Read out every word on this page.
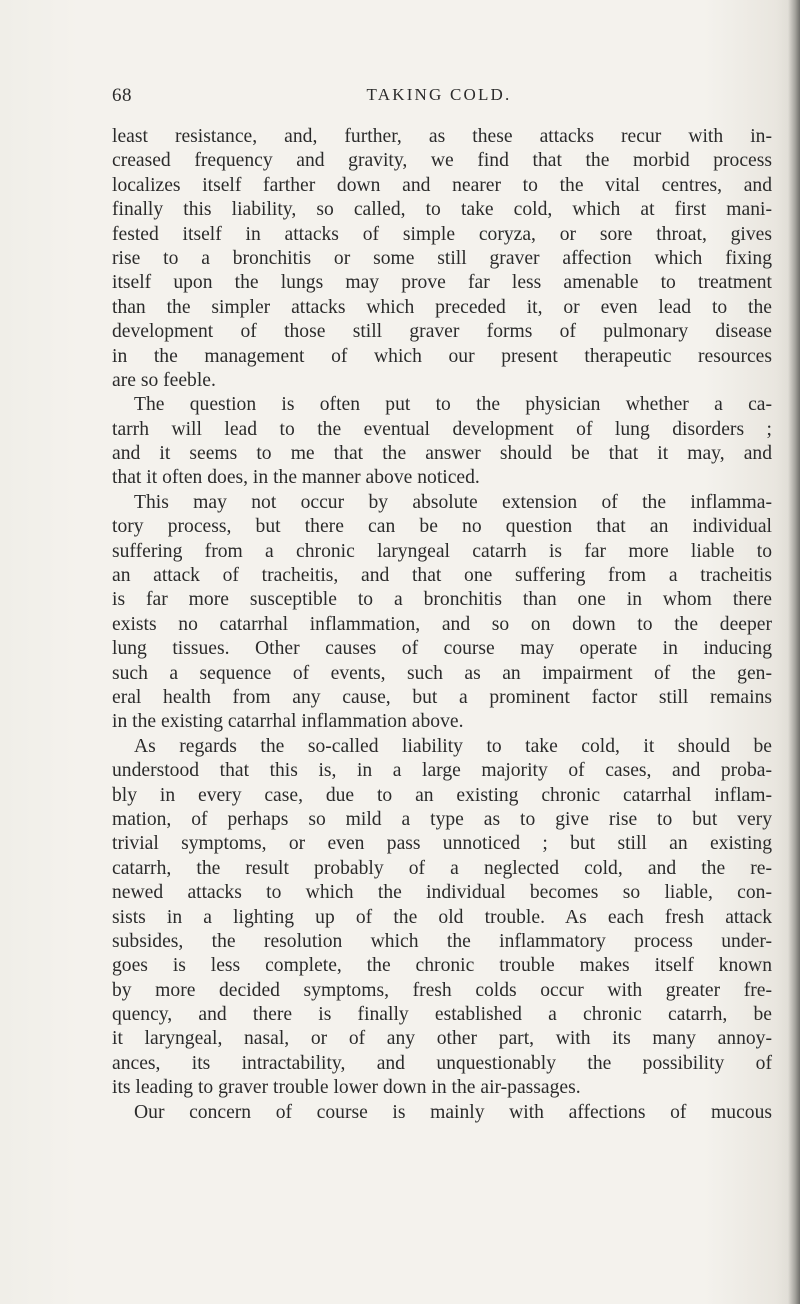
68	TAKING COLD.
least resistance, and, further, as these attacks recur with in-
creased frequency and gravity, we find that the morbid process
localizes itself farther down and nearer to the vital centres, and
finally this liability, so called, to take cold, which at first mani-
fested itself in attacks of simple coryza, or sore throat, gives
rise to a bronchitis or some still graver affection which fixing
itself upon the lungs may prove far less amenable to treatment
than the simpler attacks which preceded it, or even lead to the
development of those still graver forms of pulmonary disease
in the management of which our present therapeutic resources
are so feeble.
The question is often put to the physician whether a ca-
tarrh will lead to the eventual development of lung disorders ;
and it seems to me that the answer should be that it may, and
that it often does, in the manner above noticed.
This may not occur by absolute extension of the inflamma-
tory process, but there can be no question that an individual
suffering from a chronic laryngeal catarrh is far more liable to
an attack of tracheitis, and that one suffering from a tracheitis
is far more susceptible to a bronchitis than one in whom there
exists no catarrhal inflammation, and so on down to the deeper
lung tissues. Other causes of course may operate in inducing
such a sequence of events, such as an impairment of the gen-
eral health from any cause, but a prominent factor still remains
in the existing catarrhal inflammation above.
As regards the so-called liability to take cold, it should be
understood that this is, in a large majority of cases, and proba-
bly in every case, due to an existing chronic catarrhal inflam-
mation, of perhaps so mild a type as to give rise to but very
trivial symptoms, or even pass unnoticed ; but still an existing
catarrh, the result probably of a neglected cold, and the re-
newed attacks to which the individual becomes so liable, con-
sists in a lighting up of the old trouble. As each fresh attack
subsides, the resolution which the inflammatory process under-
goes is less complete, the chronic trouble makes itself known
by more decided symptoms, fresh colds occur with greater fre-
quency, and there is finally established a chronic catarrh, be
it laryngeal, nasal, or of any other part, with its many annoy-
ances, its intractability, and unquestionably the possibility of
its leading to graver trouble lower down in the air-passages.
Our concern of course is mainly with affections of mucous
